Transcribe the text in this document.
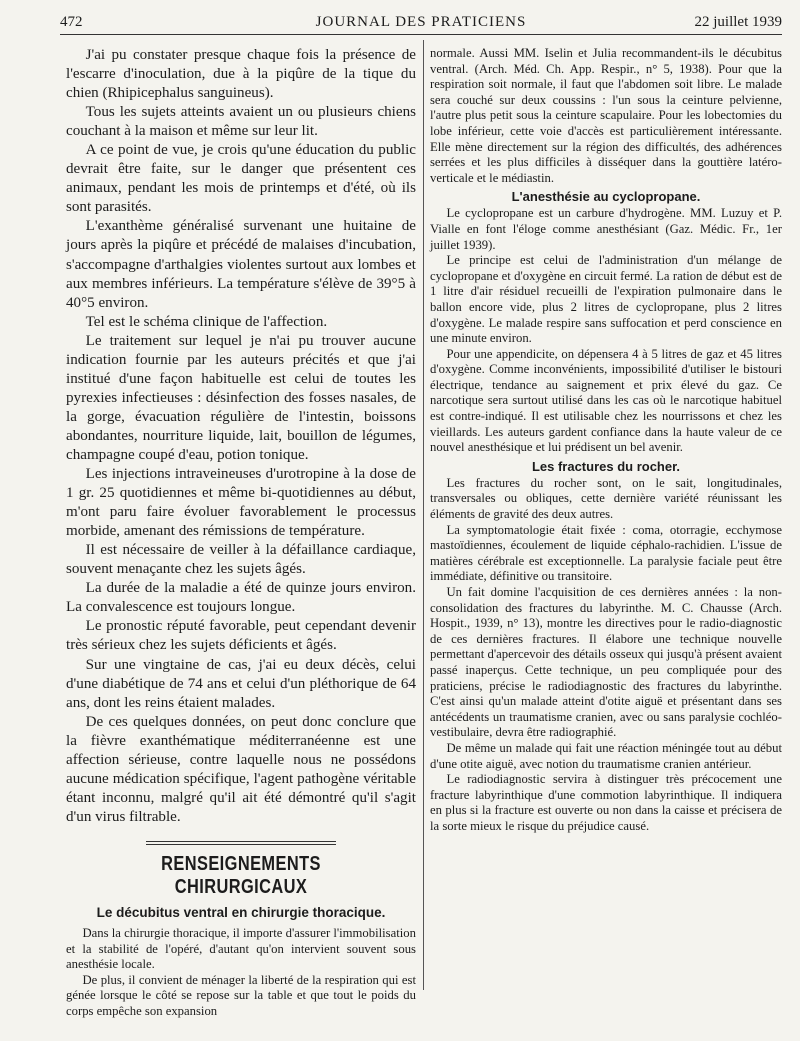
472	JOURNAL DES PRATICIENS	22 juillet 1939

J'ai pu constater presque chaque fois la présence de l'escarre d'inoculation, due à la piqûre de la tique du chien (Rhipicephalus sanguineus).

Tous les sujets atteints avaient un ou plusieurs chiens couchant à la maison et même sur leur lit.

A ce point de vue, je crois qu'une éducation du public devrait être faite, sur le danger que présentent ces animaux, pendant les mois de printemps et d'été, où ils sont parasités.

L'exanthème généralisé survenant une huitaine de jours après la piqûre et précédé de malaises d'incubation, s'accompagne d'arthalgies violentes surtout aux lombes et aux membres inférieurs. La température s'élève de 39°5 à 40°5 environ.

Tel est le schéma clinique de l'affection.

Le traitement sur lequel je n'ai pu trouver aucune indication fournie par les auteurs précités et que j'ai institué d'une façon habituelle est celui de toutes les pyrexies infectieuses : désinfection des fosses nasales, de la gorge, évacuation régulière de l'intestin, boissons abondantes, nourriture liquide, lait, bouillon de légumes, champagne coupé d'eau, potion tonique.

Les injections intraveineuses d'urotropine à la dose de 1 gr. 25 quotidiennes et même bi-quotidiennes au début, m'ont paru faire évoluer favorablement le processus morbide, amenant des rémissions de température.

Il est nécessaire de veiller à la défaillance cardiaque, souvent menaçante chez les sujets âgés.

La durée de la maladie a été de quinze jours environ. La convalescence est toujours longue.

Le pronostic réputé favorable, peut cependant devenir très sérieux chez les sujets déficients et âgés.

Sur une vingtaine de cas, j'ai eu deux décès, celui d'une diabétique de 74 ans et celui d'un pléthorique de 64 ans, dont les reins étaient malades.

De ces quelques données, on peut donc conclure que la fièvre exanthématique méditerranéenne est une affection sérieuse, contre laquelle nous ne possédons aucune médication spécifique, l'agent pathogène véritable étant inconnu, malgré qu'il ait été démontré qu'il s'agit d'un virus filtrable.

RENSEIGNEMENTS CHIRURGICAUX
Le décubitus ventral en chirurgie thoracique.

Dans la chirurgie thoracique, il importe d'assurer l'immobilisation et la stabilité de l'opéré, d'autant qu'on intervient souvent sous anesthésie locale.

De plus, il convient de ménager la liberté de la respiration qui est génée lorsque le côté se repose sur la table et que tout le poids du corps empêche son expansion

normale. Aussi MM. Iselin et Julia recommandent-ils le décubitus ventral. (Arch. Méd. Ch. App. Respir., n° 5, 1938). Pour que la respiration soit normale, il faut que l'abdomen soit libre. Le malade sera couché sur deux coussins : l'un sous la ceinture pelvienne, l'autre plus petit sous la ceinture scapulaire. Pour les lobectomies du lobe inférieur, cette voie d'accès est particulièrement intéressante. Elle mène directement sur la région des difficultés, des adhérences serrées et les plus difficiles à disséquer dans la gouttière latéro-verticale et le médiastin.

L'anesthésie au cyclopropane.

Le cyclopropane est un carbure d'hydrogène. MM. Luzuy et P. Vialle en font l'éloge comme anesthésiant (Gaz. Médic. Fr., 1er juillet 1939).

Le principe est celui de l'administration d'un mélange de cyclopropane et d'oxygène en circuit fermé. La ration de début est de 1 litre d'air résiduel recueilli de l'expiration pulmonaire dans le ballon encore vide, plus 2 litres de cyclopropane, plus 2 litres d'oxygène. Le malade respire sans suffocation et perd conscience en une minute environ.

Pour une appendicite, on dépensera 4 à 5 litres de gaz et 45 litres d'oxygène. Comme inconvénients, impossibilité d'utiliser le bistouri électrique, tendance au saignement et prix élevé du gaz. Ce narcotique sera surtout utilisé dans les cas où le narcotique habituel est contre-indiqué. Il est utilisable chez les nourrissons et chez les vieillards. Les auteurs gardent confiance dans la haute valeur de ce nouvel anesthésique et lui prédisent un bel avenir.

Les fractures du rocher.

Les fractures du rocher sont, on le sait, longitudinales, transversales ou obliques, cette dernière variété réunissant les éléments de gravité des deux autres.

La symptomatologie était fixée : coma, otorragie, ecchymose mastoïdiennes, écoulement de liquide céphalo-rachidien. L'issue de matières cérébrale est exceptionnelle. La paralysie faciale peut être immédiate, définitive ou transitoire.

Un fait domine l'acquisition de ces dernières années : la non-consolidation des fractures du labyrinthe. M. C. Chausse (Arch. Hospit., 1939, n° 13), montre les directives pour le radio-diagnostic de ces dernières fractures. Il élabore une technique nouvelle permettant d'apercevoir des détails osseux qui jusqu'à présent avaient passé inaperçus. Cette technique, un peu compliquée pour des praticiens, précise le radiodiagnostic des fractures du labyrinthe. C'est ainsi qu'un malade atteint d'otite aiguë et présentant dans ses antécédents un traumatisme cranien, avec ou sans paralysie cochléo-vestibulaire, devra être radiographié.

De même un malade qui fait une réaction méningée tout au début d'une otite aiguë, avec notion du traumatisme cranien antérieur.

Le radiodiagnostic servira à distinguer très précocement une fracture labyrinthique d'une commotion labyrinthique. Il indiquera en plus si la fracture est ouverte ou non dans la caisse et précisera de la sorte mieux le risque du préjudice causé.
